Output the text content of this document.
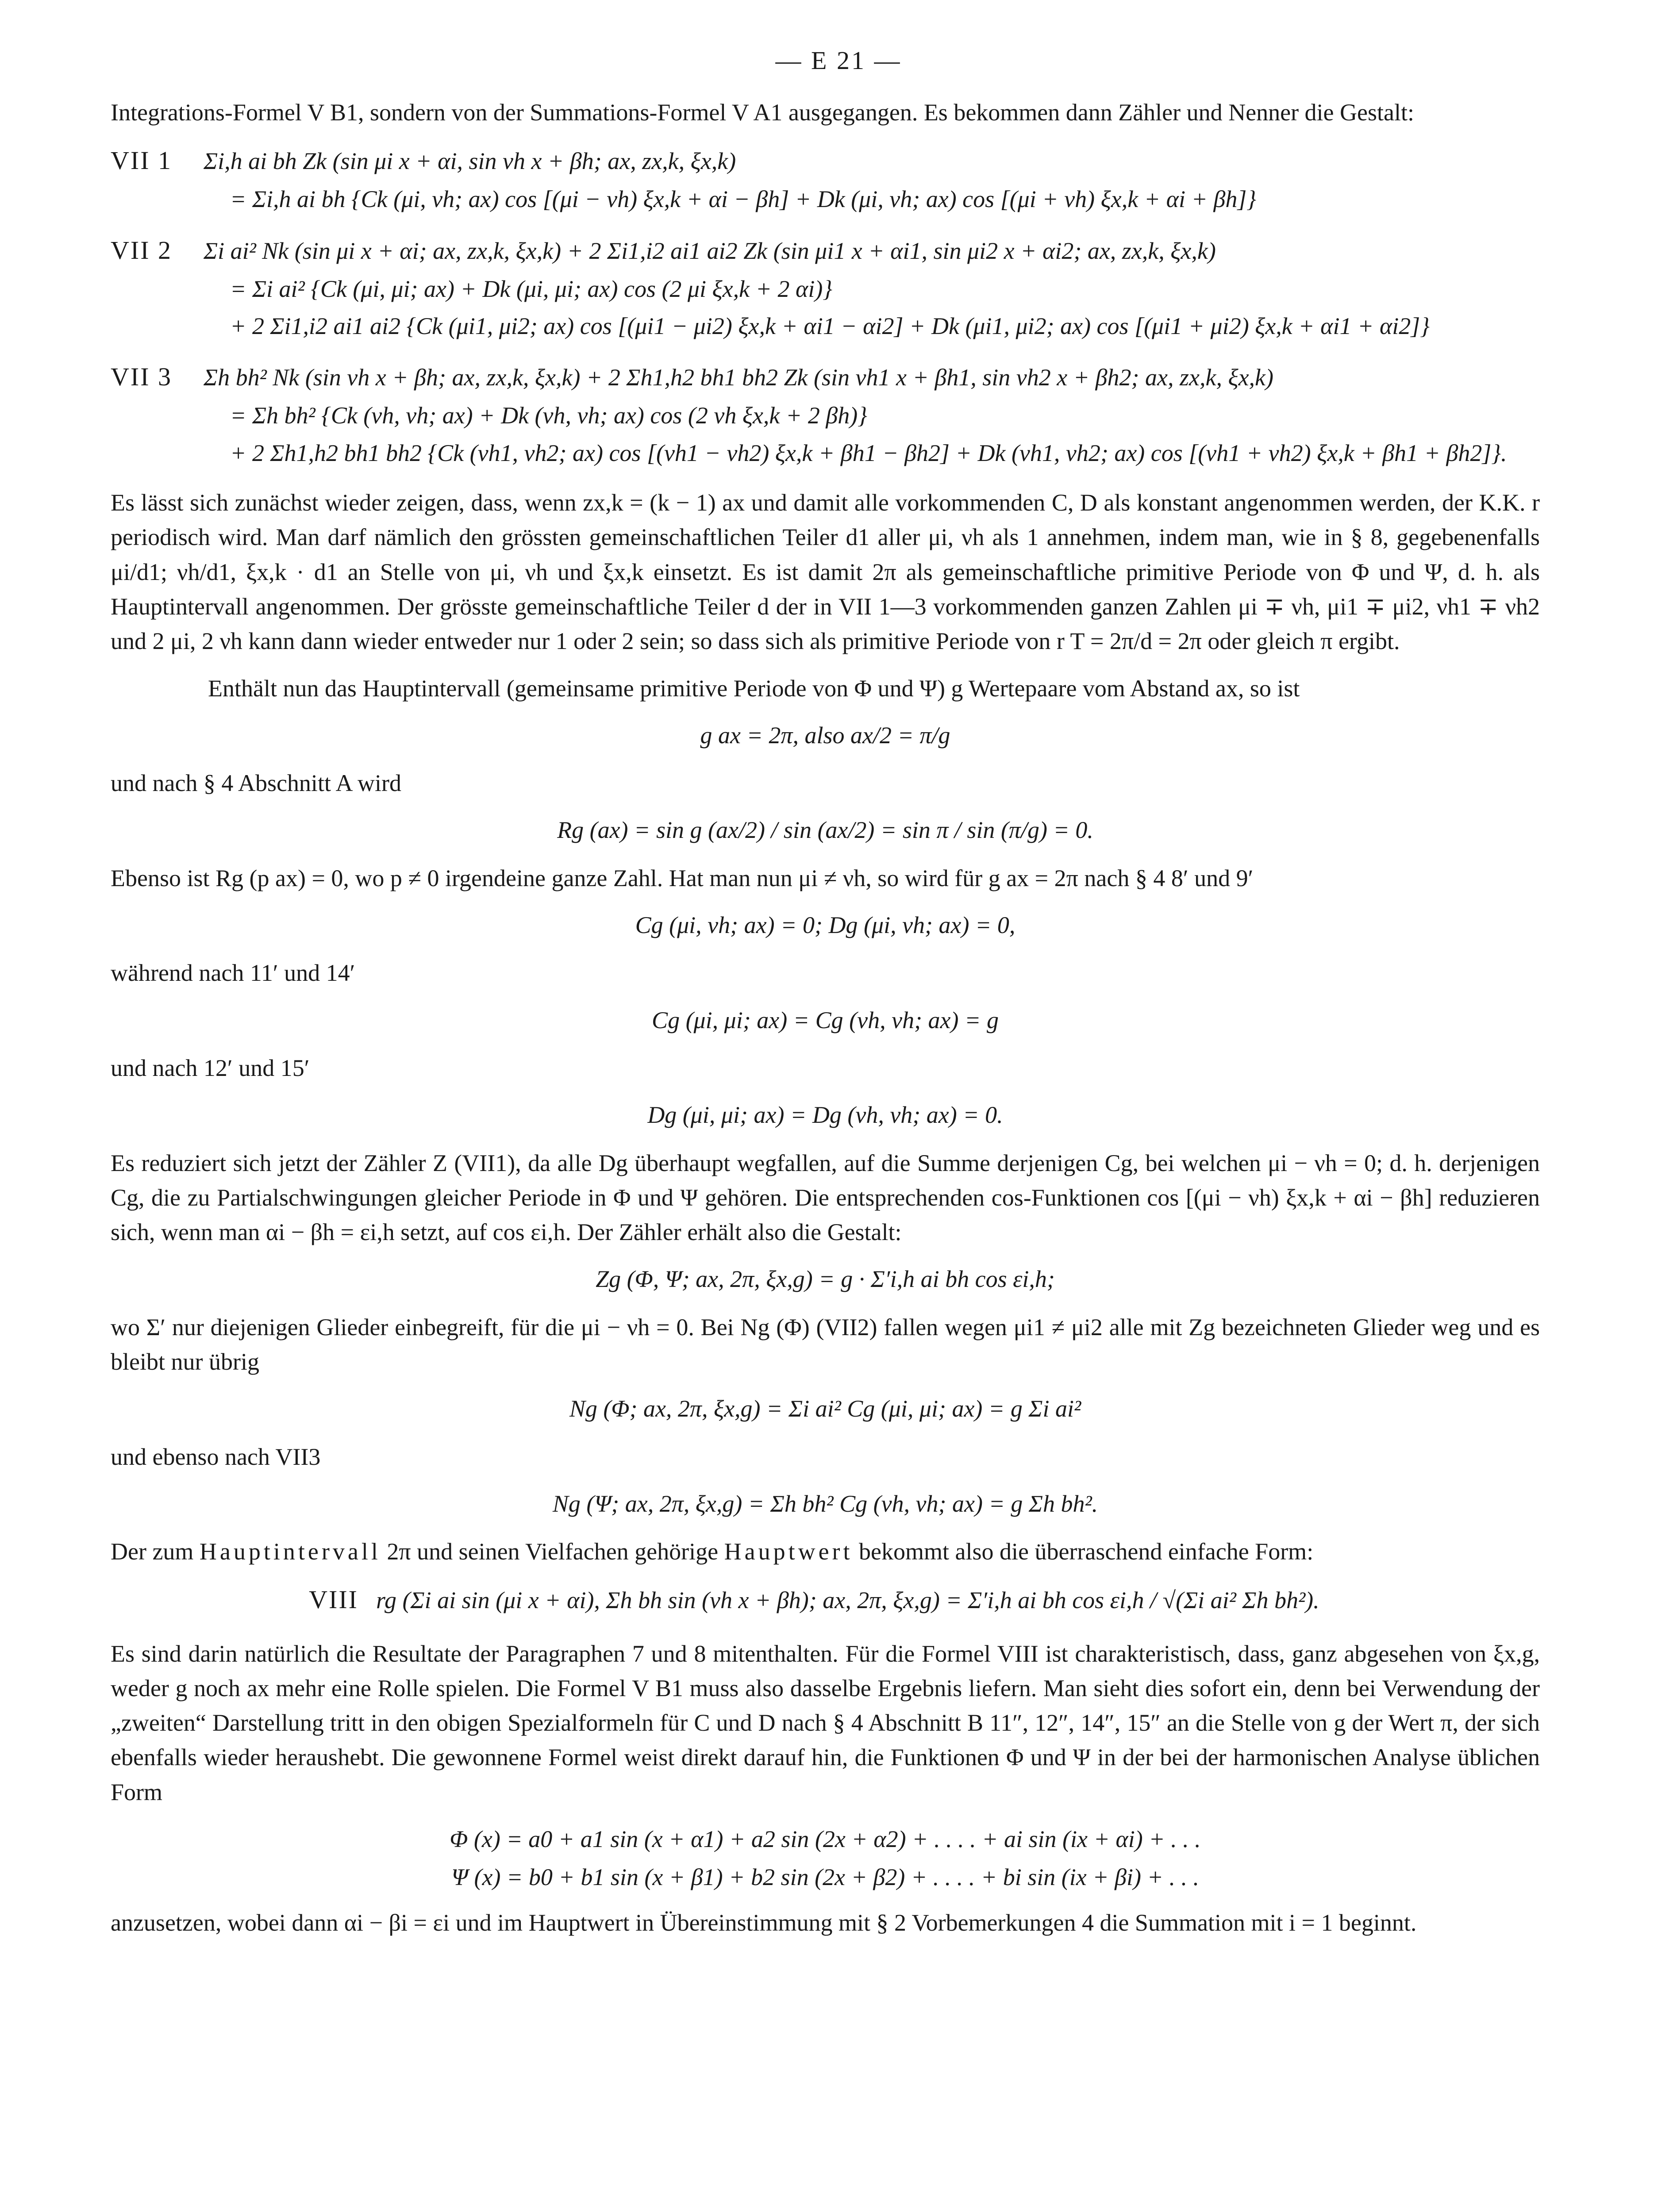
— E 21 —

Integrations-Formel V B1, sondern von der Summations-Formel V A1 ausgegangen. Es bekommen dann Zähler und Nenner die Gestalt:

VII 1	Σi,h ai bh Zk (sin μi x + αi, sin νh x + βh; ax, zx,k, ξx,k)
= Σi,h ai bh {Ck (μi, νh; ax) cos [(μi − νh) ξx,k + αi − βh] + Dk (μi, νh; ax) cos [(μi + νh) ξx,k + αi + βh]}
VII 2	Σi ai² Nk (sin μi x + αi; ax, zx,k, ξx,k) + 2 Σi1,i2 ai1 ai2 Zk (sin μi1 x + αi1, sin μi2 x + αi2; ax, zx,k, ξx,k)
= Σi ai² {Ck (μi, μi; ax) + Dk (μi, μi; ax) cos (2 μi ξx,k + 2 αi)}
+ 2 Σi1,i2 ai1 ai2 {Ck (μi1, μi2; ax) cos [(μi1 − μi2) ξx,k + αi1 − αi2] + Dk (μi1, μi2; ax) cos [(μi1 + μi2) ξx,k + αi1 + αi2]}
VII 3	Σh bh² Nk (sin νh x + βh; ax, zx,k, ξx,k) + 2 Σh1,h2 bh1 bh2 Zk (sin νh1 x + βh1, sin νh2 x + βh2; ax, zx,k, ξx,k)
= Σh bh² {Ck (νh, νh; ax) + Dk (νh, νh; ax) cos (2 νh ξx,k + 2 βh)}
+ 2 Σh1,h2 bh1 bh2 {Ck (νh1, νh2; ax) cos [(νh1 − νh2) ξx,k + βh1 − βh2] + Dk (νh1, νh2; ax) cos [(νh1 + νh2) ξx,k + βh1 + βh2]}.

Es lässt sich zunächst wieder zeigen, dass, wenn zx,k = (k − 1) ax und damit alle vorkommenden C, D als konstant angenommen werden, der K.K. r periodisch wird. Man darf nämlich den grössten gemeinschaftlichen Teiler d1 aller μi, νh als 1 annehmen, indem man, wie in § 8, gegebenenfalls μi/d1; νh/d1, ξx,k · d1 an Stelle von μi, νh und ξx,k einsetzt. Es ist damit 2π als gemeinschaftliche primitive Periode von Φ und Ψ, d. h. als Hauptintervall angenommen. Der grösste gemeinschaftliche Teiler d der in VII 1—3 vorkommenden ganzen Zahlen μi ∓ νh, μi1 ∓ μi2, νh1 ∓ νh2 und 2 μi, 2 νh kann dann wieder entweder nur 1 oder 2 sein; so dass sich als primitive Periode von r T = 2π/d = 2π oder gleich π ergibt.

Enthält nun das Hauptintervall (gemeinsame primitive Periode von Φ und Ψ) g Wertepaare vom Abstand ax, so ist

g ax = 2π, also ax/2 = π/g

und nach § 4 Abschnitt A wird

Rg (ax) = sin g (ax/2) / sin (ax/2) = sin π / sin (π/g) = 0.

Ebenso ist Rg (p ax) = 0, wo p ≠ 0 irgendeine ganze Zahl. Hat man nun μi ≠ νh, so wird für g ax = 2π nach § 4 8′ und 9′

Cg (μi, νh; ax) = 0; Dg (μi, νh; ax) = 0,

während nach 11′ und 14′

Cg (μi, μi; ax) = Cg (νh, νh; ax) = g

und nach 12′ und 15′

Dg (μi, μi; ax) = Dg (νh, νh; ax) = 0.

Es reduziert sich jetzt der Zähler Z (VII1), da alle Dg überhaupt wegfallen, auf die Summe derjenigen Cg, bei welchen μi − νh = 0; d. h. derjenigen Cg, die zu Partialschwingungen gleicher Periode in Φ und Ψ gehören. Die entsprechenden cos-Funktionen cos [(μi − νh) ξx,k + αi − βh] reduzieren sich, wenn man αi − βh = εi,h setzt, auf cos εi,h. Der Zähler erhält also die Gestalt:

Zg (Φ, Ψ; ax, 2π, ξx,g) = g · Σ′i,h ai bh cos εi,h;

wo Σ′ nur diejenigen Glieder einbegreift, für die μi − νh = 0. Bei Ng (Φ) (VII2) fallen wegen μi1 ≠ μi2 alle mit Zg bezeichneten Glieder weg und es bleibt nur übrig

Ng (Φ; ax, 2π, ξx,g) = Σi ai² Cg (μi, μi; ax) = g Σi ai²

und ebenso nach VII3

Ng (Ψ; ax, 2π, ξx,g) = Σh bh² Cg (νh, νh; ax) = g Σh bh².

Der zum Hauptintervall 2π und seinen Vielfachen gehörige Hauptwert bekommt also die überraschend einfache Form:

VIII rg (Σi ai sin (μi x + αi), Σh bh sin (νh x + βh); ax, 2π, ξx,g) = Σ′i,h ai bh cos εi,h / √(Σi ai² Σh bh²).

Es sind darin natürlich die Resultate der Paragraphen 7 und 8 mitenthalten. Für die Formel VIII ist charakteristisch, dass, ganz abgesehen von ξx,g, weder g noch ax mehr eine Rolle spielen. Die Formel V B1 muss also dasselbe Ergebnis liefern. Man sieht dies sofort ein, denn bei Verwendung der „zweiten“ Darstellung tritt in den obigen Spezialformeln für C und D nach § 4 Abschnitt B 11″, 12″, 14″, 15″ an die Stelle von g der Wert π, der sich ebenfalls wieder heraushebt. Die gewonnene Formel weist direkt darauf hin, die Funktionen Φ und Ψ in der bei der harmonischen Analyse üblichen Form

Φ (x) = a0 + a1 sin (x + α1) + a2 sin (2x + α2) + . . . . + ai sin (ix + αi) + . . .
Ψ (x) = b0 + b1 sin (x + β1) + b2 sin (2x + β2) + . . . . + bi sin (ix + βi) + . . .

anzusetzen, wobei dann αi − βi = εi und im Hauptwert in Übereinstimmung mit § 2 Vorbemerkungen 4 die Summation mit i = 1 beginnt.
